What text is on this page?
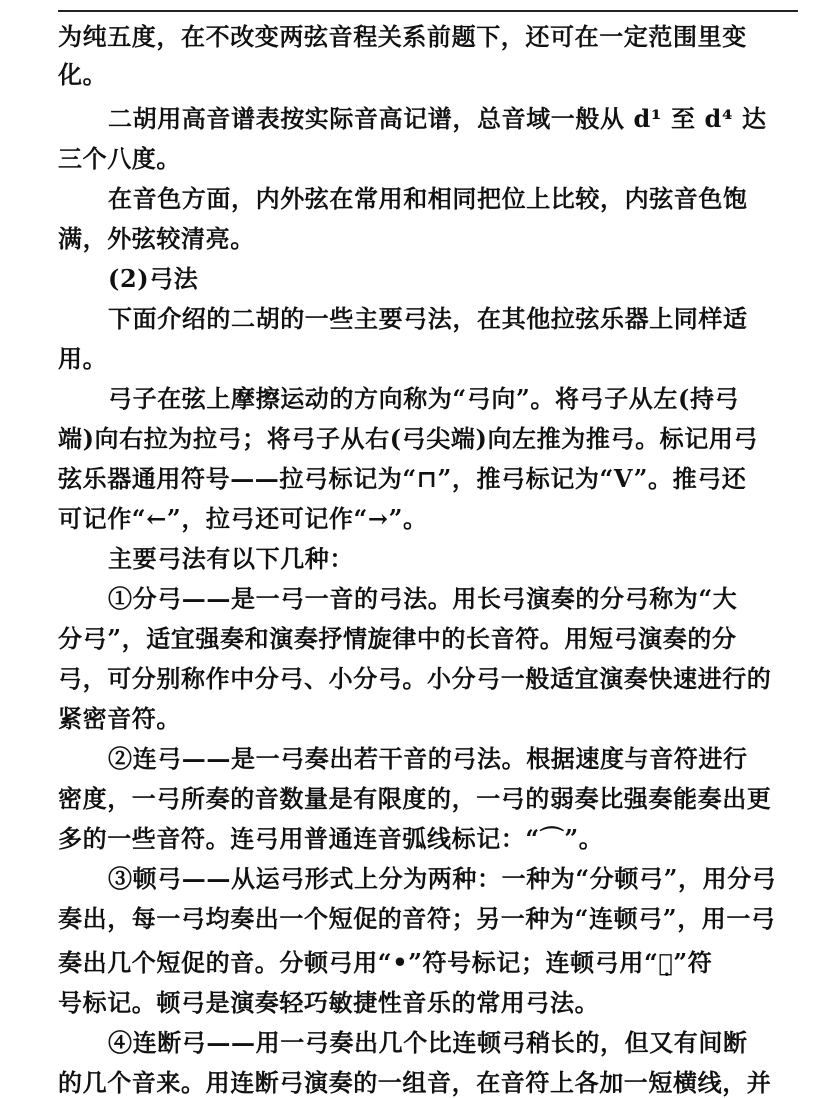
为纯五度，在不改变两弦音程关系前题下，还可在一定范围里变
化。
二胡用高音谱表按实际音高记谱，总音域一般从 d¹ 至 d⁴ 达
三个八度。
在音色方面，内外弦在常用和相同把位上比较，内弦音色饱
满，外弦较清亮。
(2)弓法
下面介绍的二胡的一些主要弓法，在其他拉弦乐器上同样适
用。
弓子在弦上摩擦运动的方向称为“弓向”。将弓子从左(持弓
端)向右拉为拉弓；将弓子从右(弓尖端)向左推为推弓。标记用弓
弦乐器通用符号——拉弓标记为“⊓”，推弓标记为“V”。推弓还
可记作“←”，拉弓还可记作“→”。
主要弓法有以下几种：
①分弓——是一弓一音的弓法。用长弓演奏的分弓称为“大
分弓”，适宜强奏和演奏抒情旋律中的长音符。用短弓演奏的分
弓，可分别称作中分弓、小分弓。小分弓一般适宜演奏快速进行的
紧密音符。
②连弓——是一弓奏出若干音的弓法。根据速度与音符进行
密度，一弓所奏的音数量是有限度的，一弓的弱奏比强奏能奏出更
多的一些音符。连弓用普通连音弧线标记：“⌒”。
③顿弓——从运弓形式上分为两种：一种为“分顿弓”，用分弓
奏出，每一弓均奏出一个短促的音符；另一种为“连顿弓”，用一弓
奏出几个短促的音。分顿弓用“•”符号标记；连顿弓用“⌒̣̣”符
号标记。顿弓是演奏轻巧敏捷性音乐的常用弓法。
④连断弓——用一弓奏出几个比连顿弓稍长的，但又有间断
的几个音来。用连断弓演奏的一组音，在音符上各加一短横线，并
